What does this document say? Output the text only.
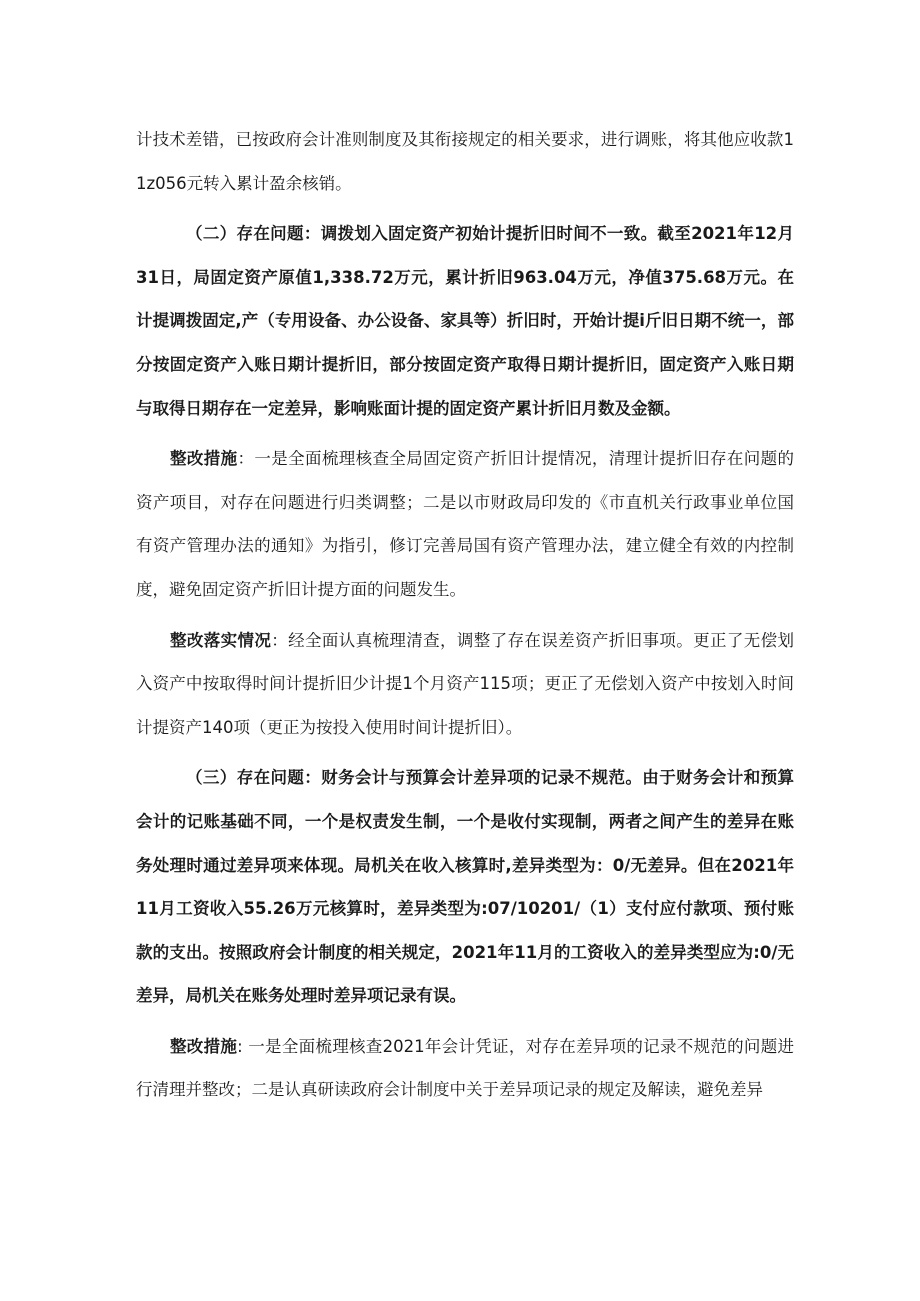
计技术差错，已按政府会计准则制度及其衔接规定的相关要求，进行调账，将其他应收款11z056元转入累计盈余核销。

（二）存在问题：调拨划入固定资产初始计提折旧时间不一致。截至2021年12月31日，局固定资产原值1,338.72万元，累计折旧963.04万元，净值375.68万元。在计提调拨固定,产（专用设备、办公设备、家具等）折旧时，开始计提i斤旧日期不统一，部分按固定资产入账日期计提折旧，部分按固定资产取得日期计提折旧，固定资产入账日期与取得日期存在一定差异，影响账面计提的固定资产累计折旧月数及金额。

整改措施：一是全面梳理核查全局固定资产折旧计提情况，清理计提折旧存在问题的资产项目，对存在问题进行归类调整；二是以市财政局印发的《市直机关行政事业单位国有资产管理办法的通知》为指引，修订完善局国有资产管理办法，建立健全有效的内控制度，避免固定资产折旧计提方面的问题发生。

整改落实情况：经全面认真梳理清查，调整了存在误差资产折旧事项。更正了无偿划入资产中按取得时间计提折旧少计提1个月资产115项；更正了无偿划入资产中按划入时间计提资产140项（更正为按投入使用时间计提折旧）。

（三）存在问题：财务会计与预算会计差异项的记录不规范。由于财务会计和预算会计的记账基础不同，一个是权责发生制，一个是收付实现制，两者之间产生的差异在账务处理时通过差异项来体现。局机关在收入核算时,差异类型为：0/无差异。但在2021年11月工资收入55.26万元核算时，差异类型为:07/10201/（1）支付应付款项、预付账款的支出。按照政府会计制度的相关规定，2021年11月的工资收入的差异类型应为:0/无差异，局机关在账务处理时差异项记录有误。

整改措施: 一是全面梳理核查2021年会计凭证，对存在差异项的记录不规范的问题进行清理并整改；二是认真研读政府会计制度中关于差异项记录的规定及解读，避免差异
